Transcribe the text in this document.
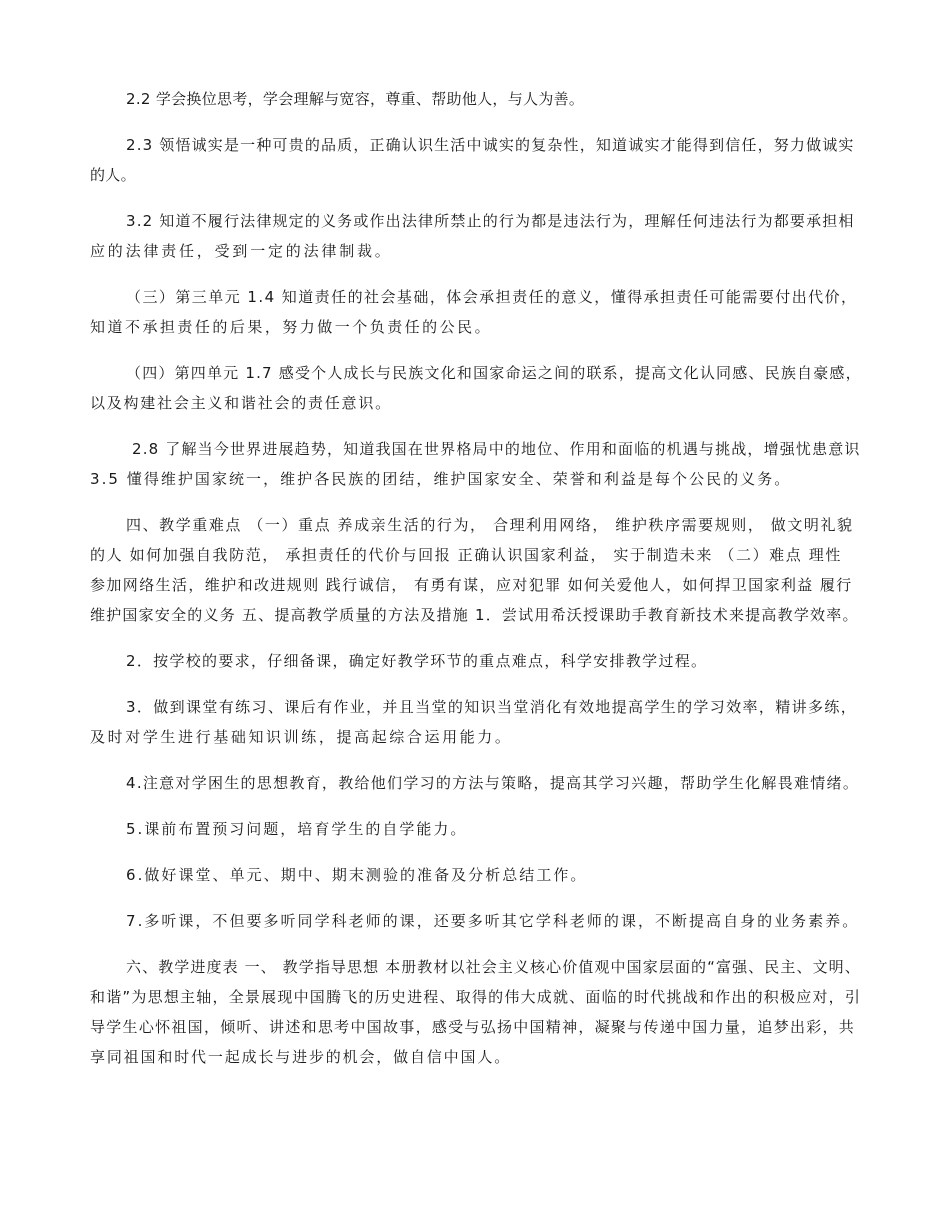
2.2 学会换位思考，学会理解与宽容，尊重、帮助他人，与人为善。
2.3 领悟诚实是一种可贵的品质，正确认识生活中诚实的复杂性，知道诚实才能得到信任，努力做诚实
的人。
3.2 知道不履行法律规定的义务或作出法律所禁止的行为都是违法行为，理解任何违法行为都要承担相
应的法律责任，受到一定的法律制裁。
（三）第三单元 1.4 知道责任的社会基础，体会承担责任的意义，懂得承担责任可能需要付出代价，
知道不承担责任的后果，努力做一个负责任的公民。
（四）第四单元 1.7 感受个人成长与民族文化和国家命运之间的联系，提高文化认同感、民族自豪感，
以及构建社会主义和谐社会的责任意识。
2.8 了解当今世界进展趋势，知道我国在世界格局中的地位、作用和面临的机遇与挑战，增强忧患意识
3.5 懂得维护国家统一，维护各民族的团结，维护国家安全、荣誉和利益是每个公民的义务。
四、教学重难点 （一）重点 养成亲生活的行为， 合理利用网络， 维护秩序需要规则， 做文明礼貌
的人 如何加强自我防范， 承担责任的代价与回报 正确认识国家利益， 实于制造未来 （二）难点 理性
参加网络生活，维护和改进规则 践行诚信， 有勇有谋，应对犯罪 如何关爱他人，如何捍卫国家利益 履行
维护国家安全的义务 五、提高教学质量的方法及措施 1．尝试用希沃授课助手教育新技术来提高教学效率。
2．按学校的要求，仔细备课，确定好教学环节的重点难点，科学安排教学过程。
3．做到课堂有练习、课后有作业，并且当堂的知识当堂消化有效地提高学生的学习效率，精讲多练，
及时对学生进行基础知识训练，提高起综合运用能力。
4.注意对学困生的思想教育，教给他们学习的方法与策略，提高其学习兴趣，帮助学生化解畏难情绪。
5.课前布置预习问题，培育学生的自学能力。
6.做好课堂、单元、期中、期末测验的准备及分析总结工作。
7.多听课，不但要多听同学科老师的课，还要多听其它学科老师的课，不断提高自身的业务素养。
六、教学进度表 一、 教学指导思想 本册教材以社会主义核心价值观中国家层面的“富强、民主、文明、
和谐”为思想主轴，全景展现中国腾飞的历史进程、取得的伟大成就、面临的时代挑战和作出的积极应对，引
导学生心怀祖国，倾听、讲述和思考中国故事，感受与弘扬中国精神，凝聚与传递中国力量，追梦出彩，共
享同祖国和时代一起成长与进步的机会，做自信中国人。
